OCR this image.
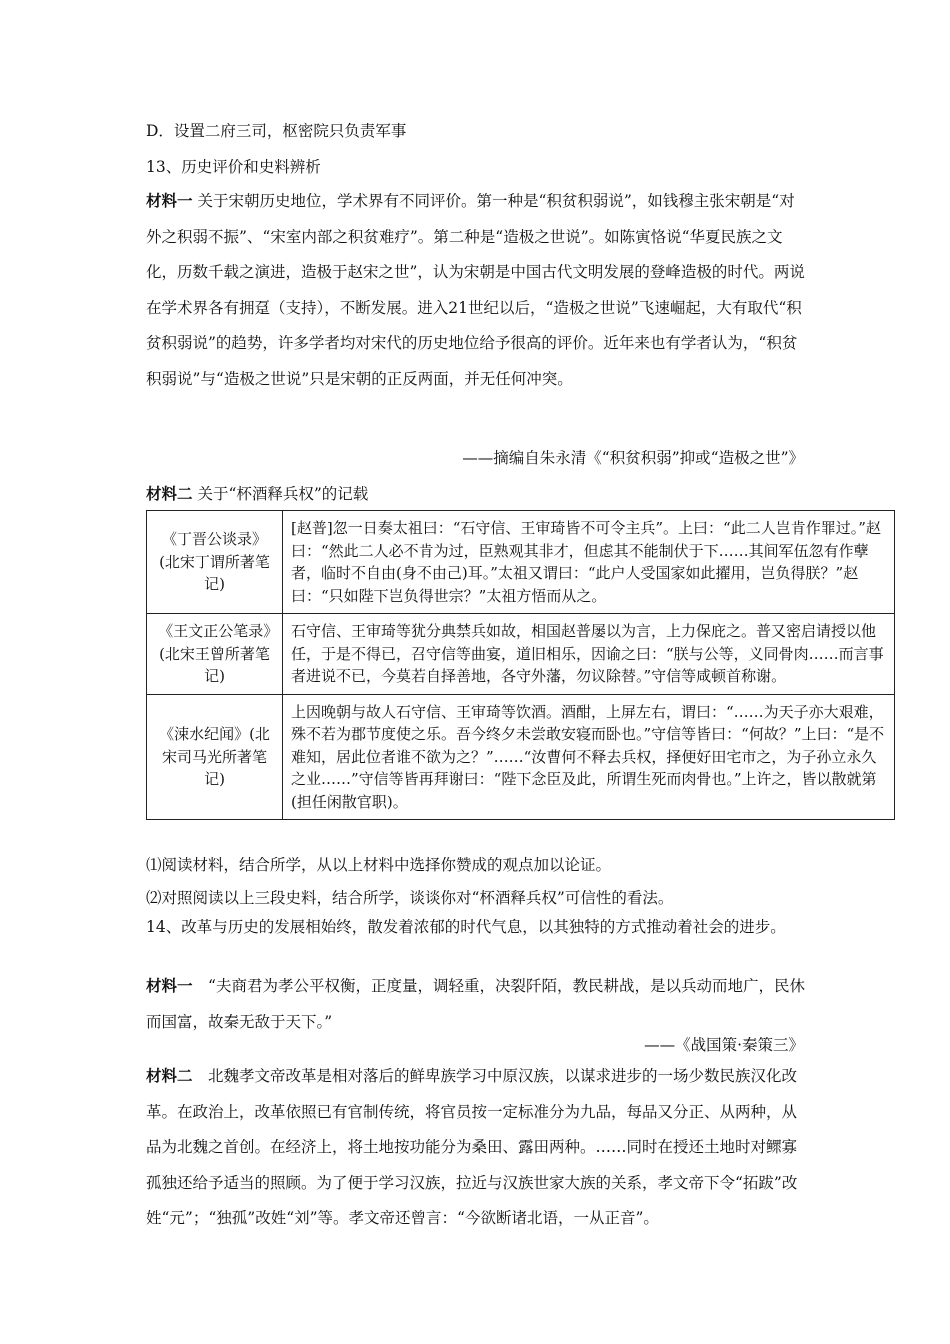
D．设置二府三司，枢密院只负责军事
13、历史评价和史料辨析

材料一 关于宋朝历史地位，学术界有不同评价。第一种是“积贫积弱说”，如钱穆主张宋朝是“对外之积弱不振”、“宋室内部之积贫难疗”。第二种是“造极之世说”。如陈寅恪说“华夏民族之文化，历数千载之演进，造极于赵宋之世”，认为宋朝是中国古代文明发展的登峰造极的时代。两说在学术界各有拥趸（支持），不断发展。进入21世纪以后，“造极之世说”飞速崛起，大有取代“积贫积弱说”的趋势，许多学者均对宋代的历史地位给予很高的评价。近年来也有学者认为，“积贫积弱说”与“造极之世说”只是宋朝的正反两面，并无任何冲突。

——摘编自朱永清《“积贫积弱”抑或“造极之世”》
材料二 关于“杯酒释兵权”的记载
《丁晋公谈录》(北宋丁谓所著笔记)	[赵普]忽一日奏太祖曰：“石守信、王审琦皆不可令主兵”。上曰：“此二人岂肯作罪过。”赵曰：“然此二人必不肯为过，臣熟观其非才，但虑其不能制伏于下……其间军伍忽有作孽者，临时不自由(身不由己)耳。”太祖又谓曰：“此户人受国家如此擢用，岂负得朕？”赵曰：“只如陛下岂负得世宗？”太祖方悟而从之。
《王文正公笔录》(北宋王曾所著笔记)	石守信、王审琦等犹分典禁兵如故，相国赵普屡以为言，上力保庇之。普又密启请授以他任，于是不得已，召守信等曲宴，道旧相乐，因谕之曰：“朕与公等，义同骨肉……而言事者进说不已，今莫若自择善地，各守外藩，勿议除替。”守信等咸顿首称谢。
《涑水纪闻》(北宋司马光所著笔记)	上因晚朝与故人石守信、王审琦等饮酒。酒酣，上屏左右，谓曰：“……为天子亦大艰难，殊不若为郡节度使之乐。吾今终夕未尝敢安寝而卧也。”守信等皆曰：“何故？”上曰：“是不难知，居此位者谁不欲为之？”……“汝曹何不释去兵权，择便好田宅市之，为子孙立永久之业……”守信等皆再拜谢曰：“陛下念臣及此，所谓生死而肉骨也。”上许之，皆以散就第(担任闲散官职)。
⑴阅读材料，结合所学，从以上材料中选择你赞成的观点加以论证。
⑵对照阅读以上三段史料，结合所学，谈谈你对“杯酒释兵权”可信性的看法。

14、改革与历史的发展相始终，散发着浓郁的时代气息，以其独特的方式推动着社会的进步。

材料一　“夫商君为孝公平权衡，正度量，调轻重，决裂阡陌，教民耕战，是以兵动而地广，民休而国富，故秦无敌于天下。”

——《战国策·秦策三》

材料二　北魏孝文帝改革是相对落后的鲜卑族学习中原汉族，以谋求进步的一场少数民族汉化改革。在政治上，改革依照已有官制传统，将官员按一定标准分为九品，每品又分正、从两种，从品为北魏之首创。在经济上，将土地按功能分为桑田、露田两种。……同时在授还土地时对鳏寡孤独还给予适当的照顾。为了便于学习汉族，拉近与汉族世家大族的关系，孝文帝下令“拓跋”改姓“元”；“独孤”改姓“刘”等。孝文帝还曾言：“今欲断诸北语，一从正音”。
